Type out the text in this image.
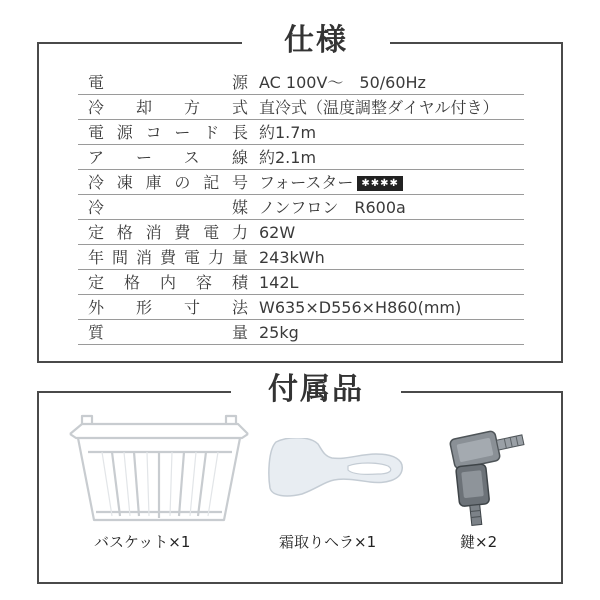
仕様
電　　　　　源 AC 100V～　50/60Hz
冷却方式 直冷式（温度調整ダイヤル付き）
電源コード長 約1.7m
アース線 約2.1m
冷凍庫の記号 フォースター ✱✱✱✱
冷　　　　　媒 ノンフロン　R600a
定格消費電力 62W
年間消費電力量 243kWh
定格内容積 142L
外形寸法 W635×D556×H860(mm)
質　　　　　量 25kg
付属品
バスケット×1	霜取りヘラ×1	鍵×2
